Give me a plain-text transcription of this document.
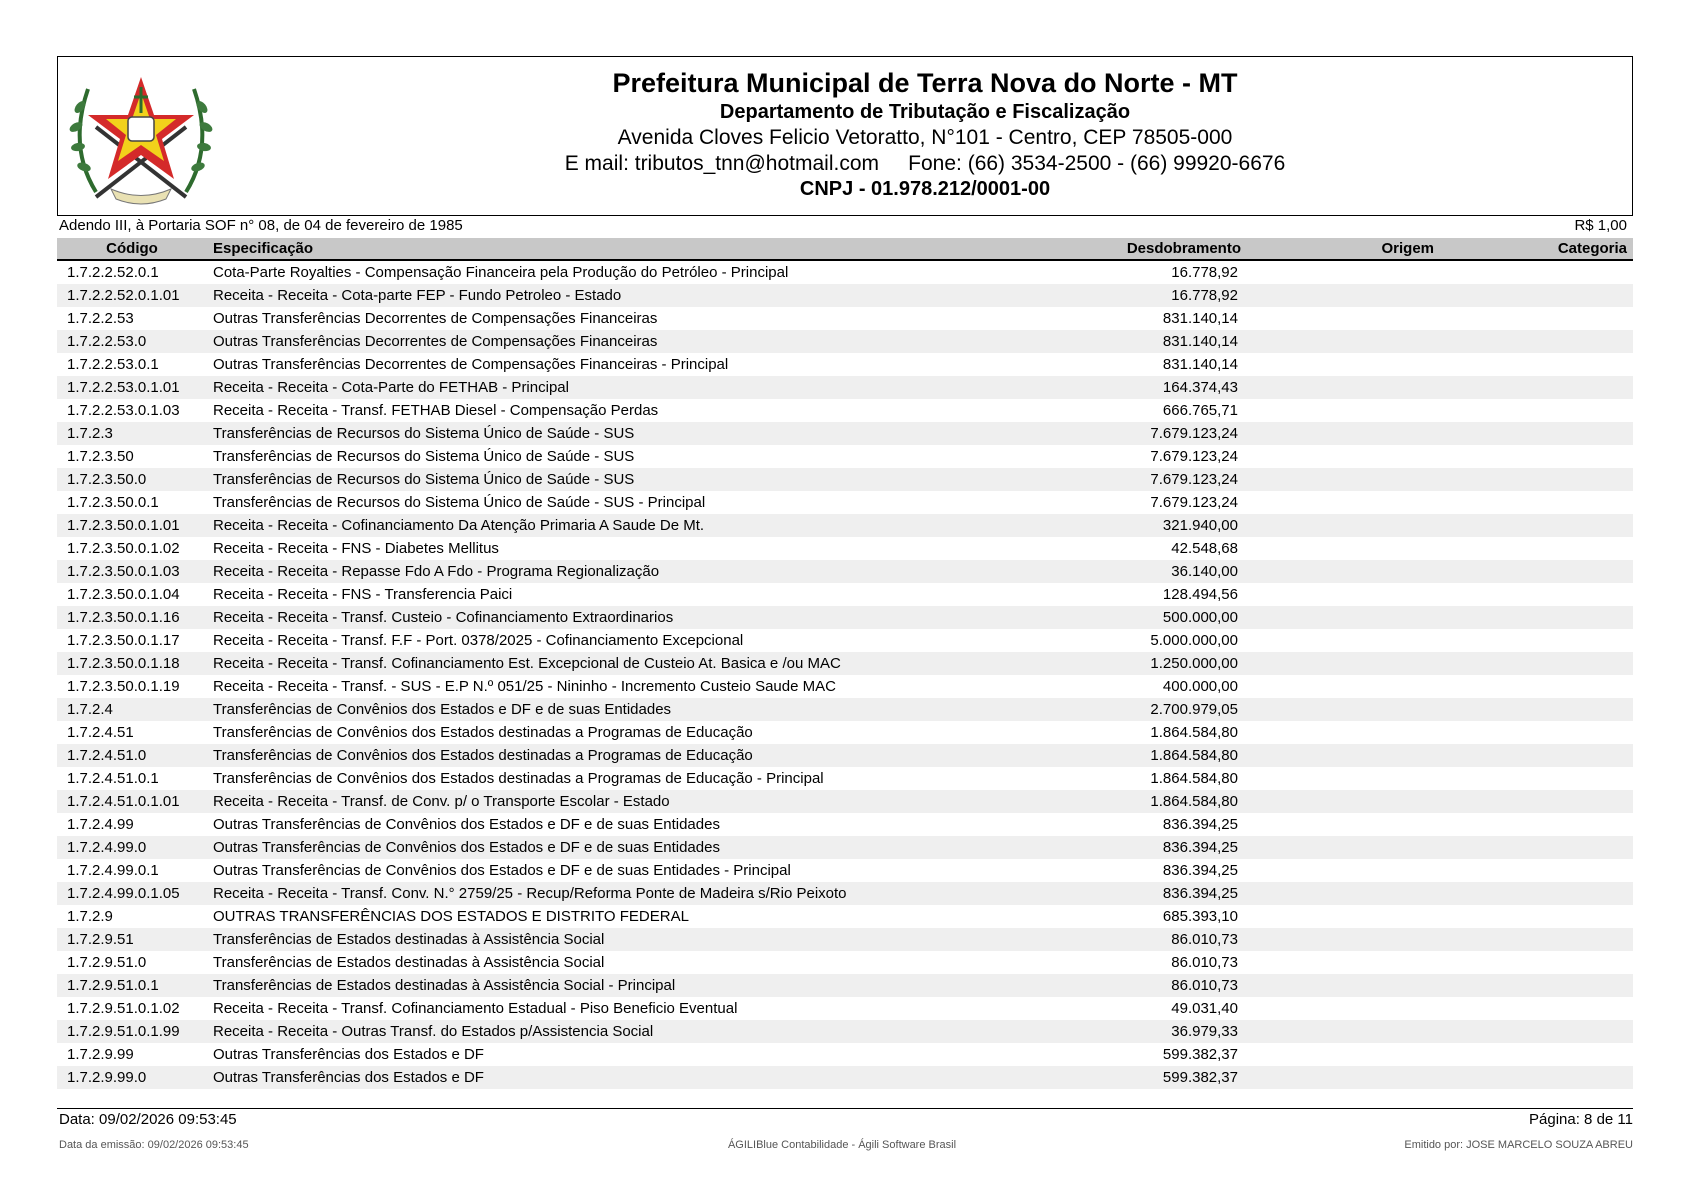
Prefeitura Municipal de Terra Nova do Norte - MT
Departamento de Tributação e Fiscalização
Avenida Cloves Felicio Vetoratto, N°101 - Centro, CEP 78505-000
E mail: tributos_tnn@hotmail.com     Fone: (66) 3534-2500 - (66) 99920-6676
CNPJ - 01.978.212/0001-00
Adendo III, à Portaria SOF n° 08, de 04 de fevereiro de 1985	R$ 1,00
Código	Especificação	Desdobramento	Origem	Categoria
1.7.2.2.52.0.1	Cota-Parte Royalties - Compensação Financeira pela Produção do Petróleo - Principal	16.778,92		
1.7.2.2.52.0.1.01	Receita - Receita - Cota-parte FEP - Fundo Petroleo - Estado	16.778,92		
1.7.2.2.53	Outras Transferências Decorrentes de Compensações Financeiras	831.140,14		
1.7.2.2.53.0	Outras Transferências Decorrentes de Compensações Financeiras	831.140,14		
1.7.2.2.53.0.1	Outras Transferências Decorrentes de Compensações Financeiras - Principal	831.140,14		
1.7.2.2.53.0.1.01	Receita - Receita - Cota-Parte do FETHAB - Principal	164.374,43		
1.7.2.2.53.0.1.03	Receita - Receita - Transf. FETHAB Diesel - Compensação Perdas	666.765,71		
1.7.2.3	Transferências de Recursos do Sistema Único de Saúde - SUS	7.679.123,24		
1.7.2.3.50	Transferências de Recursos do Sistema Único de Saúde - SUS	7.679.123,24		
1.7.2.3.50.0	Transferências de Recursos do Sistema Único de Saúde - SUS	7.679.123,24		
1.7.2.3.50.0.1	Transferências de Recursos do Sistema Único de Saúde - SUS - Principal	7.679.123,24		
1.7.2.3.50.0.1.01	Receita - Receita - Cofinanciamento Da Atenção Primaria A Saude De Mt.	321.940,00		
1.7.2.3.50.0.1.02	Receita - Receita - FNS - Diabetes Mellitus	42.548,68		
1.7.2.3.50.0.1.03	Receita - Receita - Repasse Fdo A Fdo - Programa Regionalização	36.140,00		
1.7.2.3.50.0.1.04	Receita - Receita - FNS - Transferencia Paici	128.494,56		
1.7.2.3.50.0.1.16	Receita - Receita - Transf. Custeio - Cofinanciamento Extraordinarios	500.000,00		
1.7.2.3.50.0.1.17	Receita - Receita - Transf. F.F - Port. 0378/2025 - Cofinanciamento Excepcional	5.000.000,00		
1.7.2.3.50.0.1.18	Receita - Receita - Transf. Cofinanciamento Est. Excepcional de Custeio At. Basica e /ou MAC	1.250.000,00		
1.7.2.3.50.0.1.19	Receita - Receita - Transf. - SUS - E.P N.º 051/25 - Nininho - Incremento Custeio Saude MAC	400.000,00		
1.7.2.4	Transferências de Convênios dos Estados e DF e de suas Entidades	2.700.979,05		
1.7.2.4.51	Transferências de Convênios dos Estados destinadas a Programas de Educação	1.864.584,80		
1.7.2.4.51.0	Transferências de Convênios dos Estados destinadas a Programas de Educação	1.864.584,80		
1.7.2.4.51.0.1	Transferências de Convênios dos Estados destinadas a Programas de Educação - Principal	1.864.584,80		
1.7.2.4.51.0.1.01	Receita - Receita - Transf. de Conv. p/ o Transporte Escolar - Estado	1.864.584,80		
1.7.2.4.99	Outras Transferências de Convênios dos Estados e DF e de suas Entidades	836.394,25		
1.7.2.4.99.0	Outras Transferências de Convênios dos Estados e DF e de suas Entidades	836.394,25		
1.7.2.4.99.0.1	Outras Transferências de Convênios dos Estados e DF e de suas Entidades - Principal	836.394,25		
1.7.2.4.99.0.1.05	Receita - Receita - Transf. Conv. N.° 2759/25 - Recup/Reforma Ponte de Madeira s/Rio Peixoto	836.394,25		
1.7.2.9	OUTRAS TRANSFERÊNCIAS DOS ESTADOS E DISTRITO FEDERAL	685.393,10		
1.7.2.9.51	Transferências de Estados destinadas à Assistência Social	86.010,73		
1.7.2.9.51.0	Transferências de Estados destinadas à Assistência Social	86.010,73		
1.7.2.9.51.0.1	Transferências de Estados destinadas à Assistência Social - Principal	86.010,73		
1.7.2.9.51.0.1.02	Receita - Receita - Transf. Cofinanciamento Estadual - Piso Beneficio Eventual	49.031,40		
1.7.2.9.51.0.1.99	Receita - Receita - Outras Transf. do Estados p/Assistencia Social	36.979,33		
1.7.2.9.99	Outras Transferências dos Estados e DF	599.382,37		
1.7.2.9.99.0	Outras Transferências dos Estados e DF	599.382,37		
Data: 09/02/2026 09:53:45	Página: 8 de 11
Data da emissão: 09/02/2026 09:53:45	ÁGILIBlue Contabilidade - Ágili Software Brasil	Emitido por: JOSE MARCELO SOUZA ABREU
